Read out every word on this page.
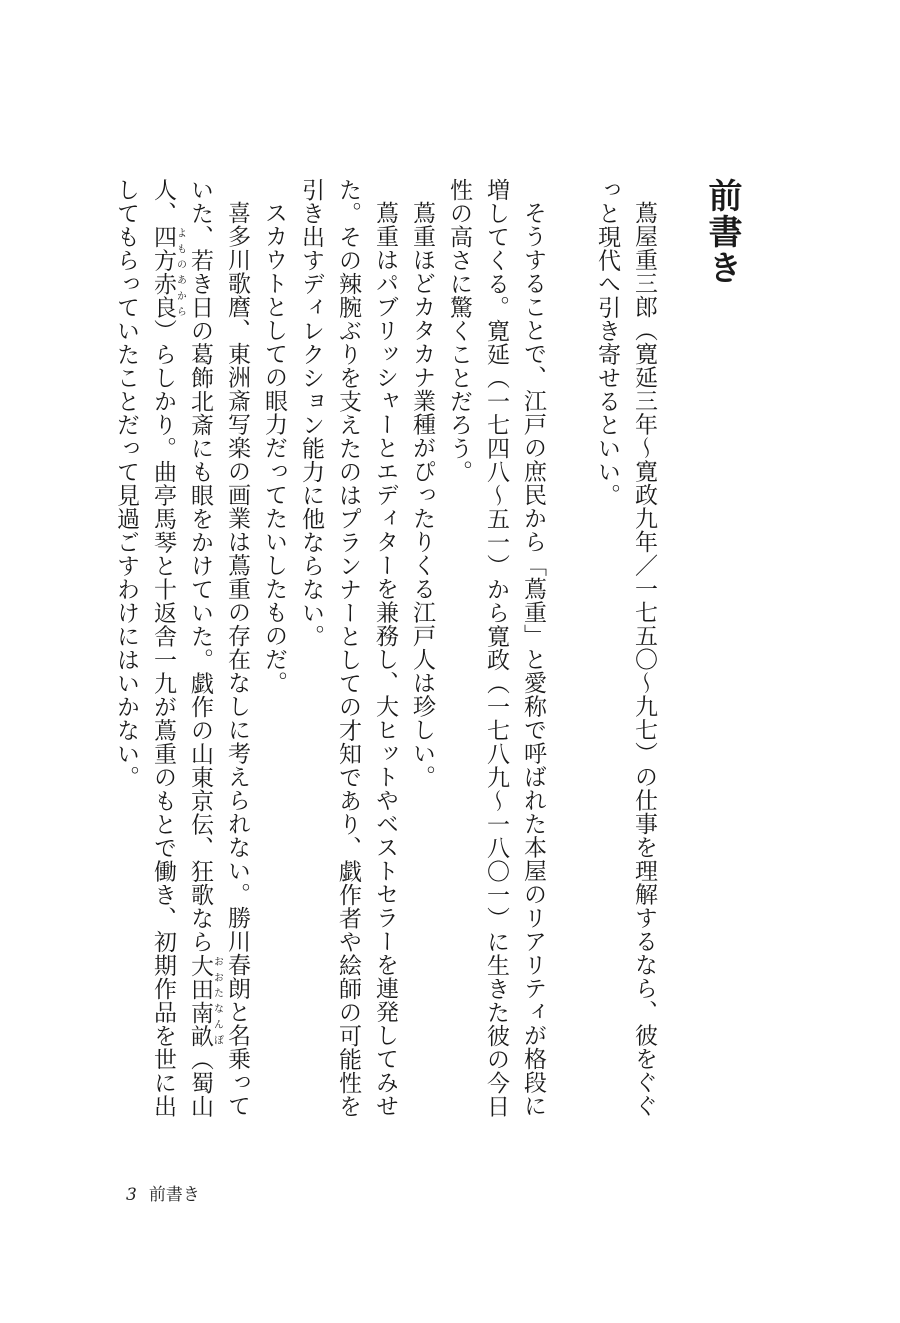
前書き

蔦屋重三郎（寛延三年〜寛政九年／一七五〇〜九七）の仕事を理解するなら、彼をぐぐっと現代へ引き寄せるといい。

そうすることで、江戸の庶民から「蔦重」と愛称で呼ばれた本屋のリアリティが格段に増してくる。寛延（一七四八〜五一）から寛政（一七八九〜一八〇一）に生きた彼の今日性の高さに驚くことだろう。

蔦重ほどカタカナ業種がぴったりくる江戸人は珍しい。

蔦重はパブリッシャーとエディターを兼務し、大ヒットやベストセラーを連発してみせた。その辣腕ぶりを支えたのはプランナーとしての才知であり、戯作者や絵師の可能性を引き出すディレクション能力に他ならない。

スカウトとしての眼力だってたいしたものだ。

喜多川歌麿、東洲斎写楽の画業は蔦重の存在なしに考えられない。勝川春朗と名乗っていた、若き日の葛飾北斎にも眼をかけていた。戯作の山東京伝、狂歌なら大田南畝おおたなんぽ（蜀山人、四方赤良よものあから）らしかり。曲亭馬琴と十返舎一九が蔦重のもとで働き、初期作品を世に出してもらっていたことだって見過ごすわけにはいかない。

3 前書き
